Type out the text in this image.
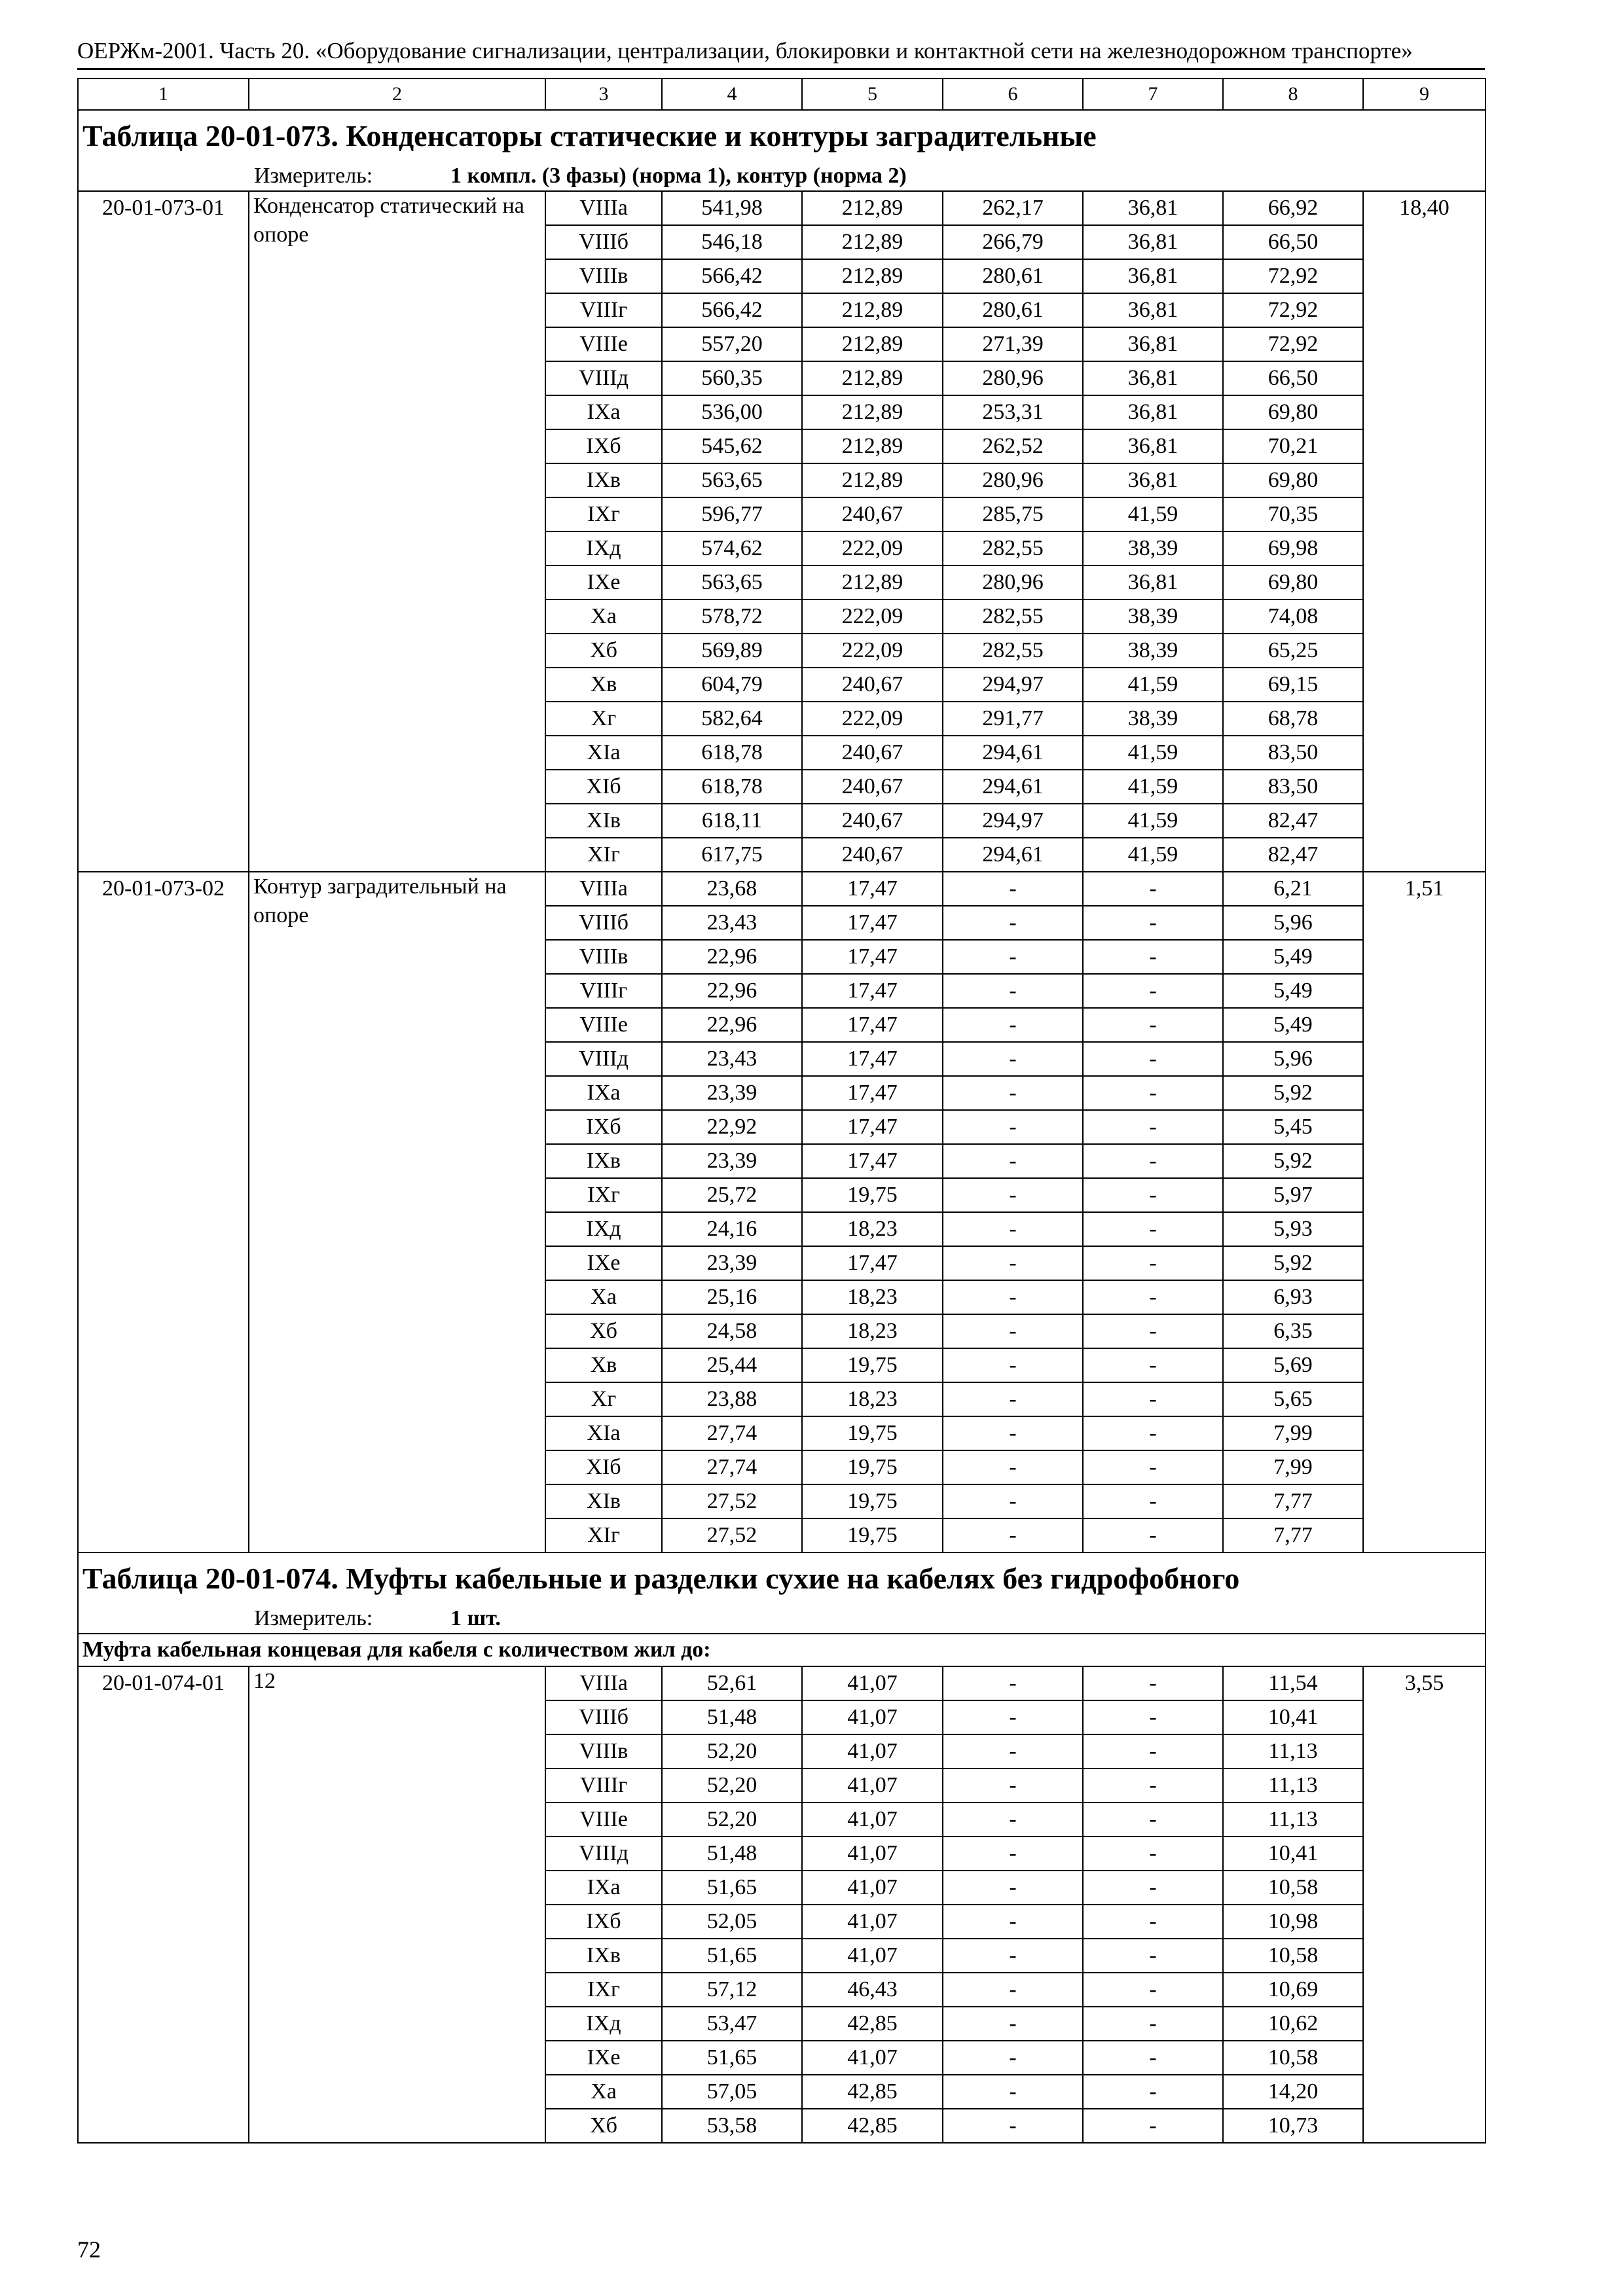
ОЕРЖм-2001. Часть 20. «Оборудование сигнализации, централизации, блокировки и контактной сети на железнодорожном транспорте»
1	2	3	4	5	6	7	8	9
Таблица 20-01-073. Конденсаторы статические и контуры заградительные								
Измеритель: 1 компл. (3 фазы) (норма 1), контур (норма 2)								
20-01-073-01	Конденсатор статический на опоре	VIIIа	541,98	212,89	262,17	36,81	66,92	18,40
		VIIIб	546,18	212,89	266,79	36,81	66,50	
		VIIIв	566,42	212,89	280,61	36,81	72,92	
		VIIIг	566,42	212,89	280,61	36,81	72,92	
		VIIIе	557,20	212,89	271,39	36,81	72,92	
		VIIIд	560,35	212,89	280,96	36,81	66,50	
		IXа	536,00	212,89	253,31	36,81	69,80	
		IXб	545,62	212,89	262,52	36,81	70,21	
		IXв	563,65	212,89	280,96	36,81	69,80	
		IXг	596,77	240,67	285,75	41,59	70,35	
		IXд	574,62	222,09	282,55	38,39	69,98	
		IXе	563,65	212,89	280,96	36,81	69,80	
		Xа	578,72	222,09	282,55	38,39	74,08	
		Xб	569,89	222,09	282,55	38,39	65,25	
		Xв	604,79	240,67	294,97	41,59	69,15	
		Xг	582,64	222,09	291,77	38,39	68,78	
		XIа	618,78	240,67	294,61	41,59	83,50	
		XIб	618,78	240,67	294,61	41,59	83,50	
		XIв	618,11	240,67	294,97	41,59	82,47	
		XIг	617,75	240,67	294,61	41,59	82,47	
20-01-073-02	Контур заградительный на опоре	VIIIа	23,68	17,47	-	-	6,21	1,51
		VIIIб	23,43	17,47	-	-	5,96	
		VIIIв	22,96	17,47	-	-	5,49	
		VIIIг	22,96	17,47	-	-	5,49	
		VIIIе	22,96	17,47	-	-	5,49	
		VIIIд	23,43	17,47	-	-	5,96	
		IXа	23,39	17,47	-	-	5,92	
		IXб	22,92	17,47	-	-	5,45	
		IXв	23,39	17,47	-	-	5,92	
		IXг	25,72	19,75	-	-	5,97	
		IXд	24,16	18,23	-	-	5,93	
		IXе	23,39	17,47	-	-	5,92	
		Xа	25,16	18,23	-	-	6,93	
		Xб	24,58	18,23	-	-	6,35	
		Xв	25,44	19,75	-	-	5,69	
		Xг	23,88	18,23	-	-	5,65	
		XIа	27,74	19,75	-	-	7,99	
		XIб	27,74	19,75	-	-	7,99	
		XIв	27,52	19,75	-	-	7,77	
		XIг	27,52	19,75	-	-	7,77	
Таблица 20-01-074. Муфты кабельные и разделки сухие на кабелях без гидрофобного								
Измеритель: 1 шт.								
Муфта кабельная концевая для кабеля с количеством жил до:								
20-01-074-01	12	VIIIа	52,61	41,07	-	-	11,54	3,55
		VIIIб	51,48	41,07	-	-	10,41	
		VIIIв	52,20	41,07	-	-	11,13	
		VIIIг	52,20	41,07	-	-	11,13	
		VIIIе	52,20	41,07	-	-	11,13	
		VIIIд	51,48	41,07	-	-	10,41	
		IXа	51,65	41,07	-	-	10,58	
		IXб	52,05	41,07	-	-	10,98	
		IXв	51,65	41,07	-	-	10,58	
		IXг	57,12	46,43	-	-	10,69	
		IXд	53,47	42,85	-	-	10,62	
		IXе	51,65	41,07	-	-	10,58	
		Xа	57,05	42,85	-	-	14,20	
		Xб	53,58	42,85	-	-	10,73	
72
